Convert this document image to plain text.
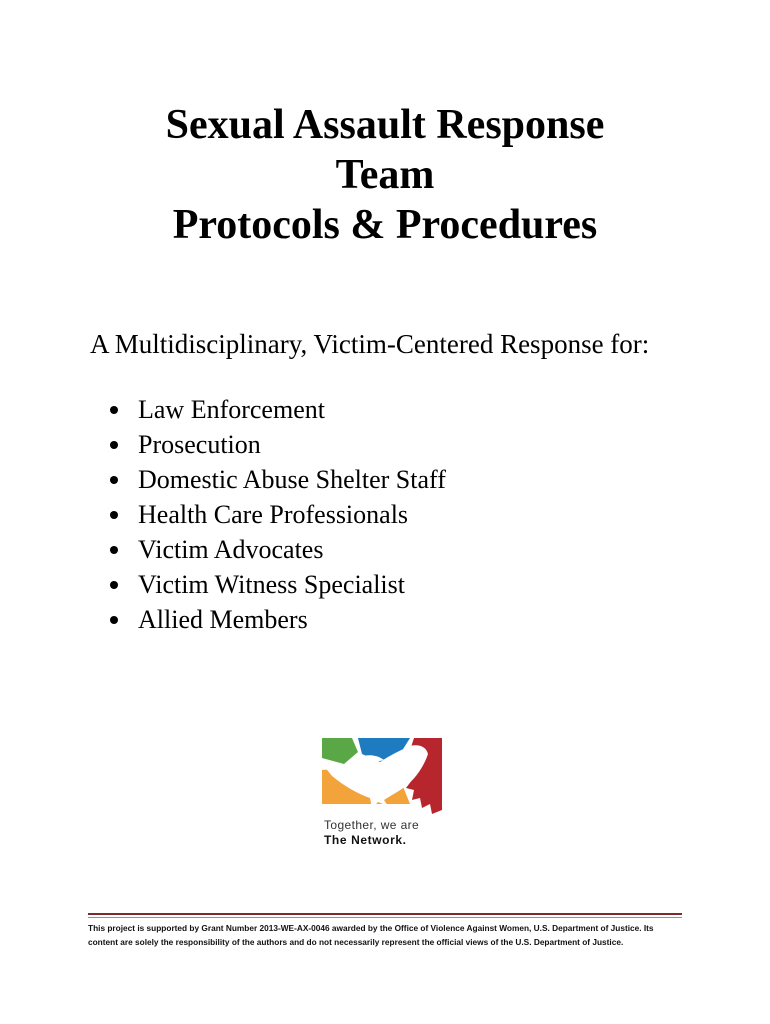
Sexual Assault Response
Team
Protocols & Procedures
A Multidisciplinary, Victim-Centered Response for:
Law Enforcement
Prosecution
Domestic Abuse Shelter Staff
Health Care Professionals
Victim Advocates
Victim Witness Specialist
Allied Members
Together, we are
The Network.
This project is supported by Grant Number 2013-WE-AX-0046 awarded by the Office of Violence Against Women, U.S. Department of Justice. Its content are solely the responsibility of the authors and do not necessarily represent the official views of the U.S. Department of Justice.
